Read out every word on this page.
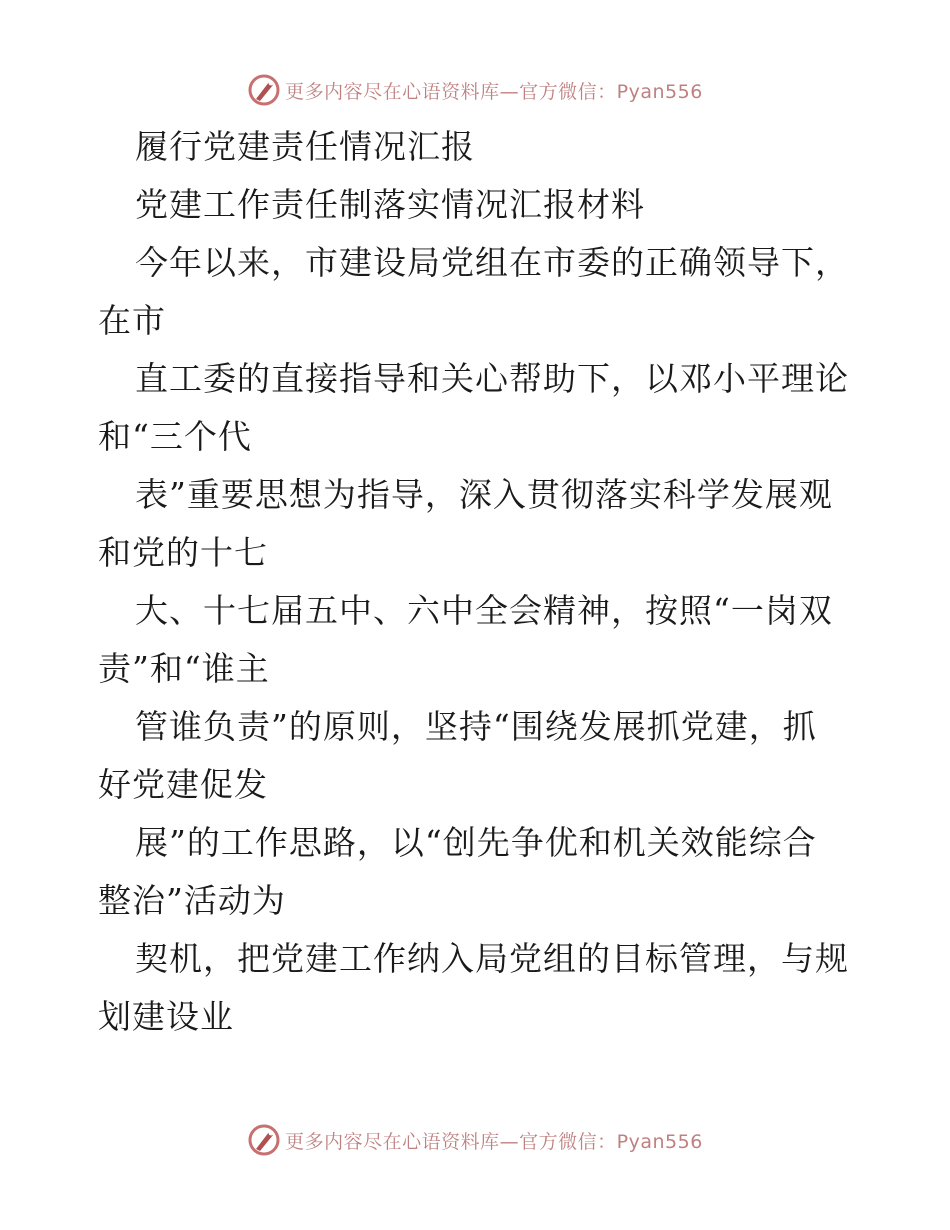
更多内容尽在心语资料库—官方微信：Pyan556
履行党建责任情况汇报
党建工作责任制落实情况汇报材料
今年以来，市建设局党组在市委的正确领导下，
在市
直工委的直接指导和关心帮助下，以邓小平理论
和“三个代
表”重要思想为指导，深入贯彻落实科学发展观
和党的十七
大、十七届五中、六中全会精神，按照“一岗双
责”和“谁主
管谁负责”的原则，坚持“围绕发展抓党建，抓
好党建促发
展”的工作思路，以“创先争优和机关效能综合
整治”活动为
契机，把党建工作纳入局党组的目标管理，与规
划建设业
更多内容尽在心语资料库—官方微信：Pyan556
